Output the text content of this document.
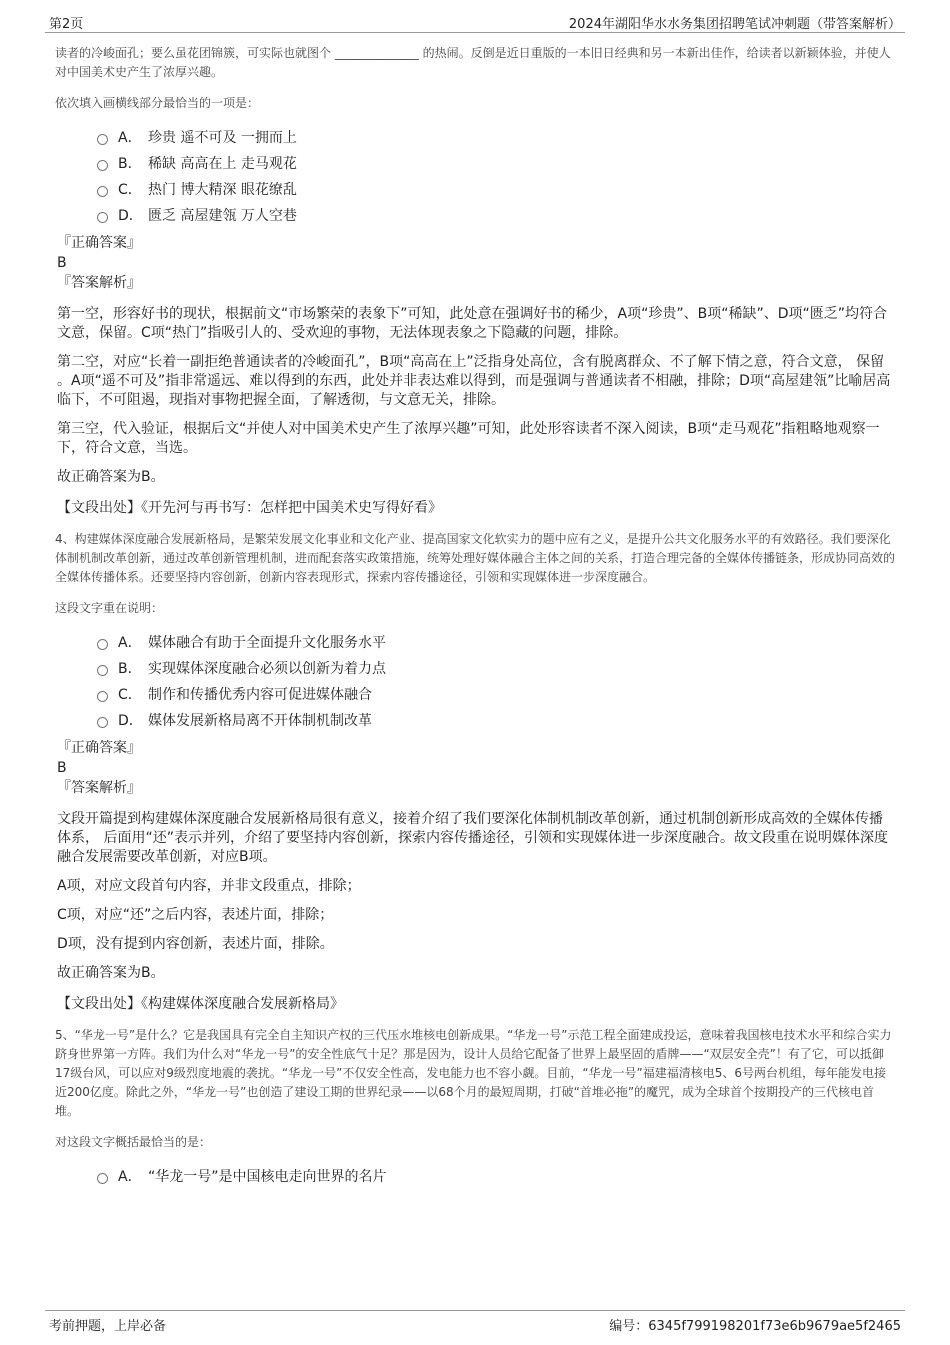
第2页	2024年湖阳华水水务集团招聘笔试冲刺题（带答案解析）

读者的冷峻面孔；要么虽花团锦簇，可实际也就图个 ______________ 的热闹。反倒是近日重版的一本旧日经典和另一本新出佳作，给读者以新颖体验，并使人对中国美术史产生了浓厚兴趣。

依次填入画横线部分最恰当的一项是：

A． 珍贵 遥不可及 一拥而上
B． 稀缺 高高在上 走马观花
C． 热门 博大精深 眼花缭乱
D． 匮乏 高屋建瓴 万人空巷
『正确答案』
B
『答案解析』

第一空，形容好书的现状，根据前文“市场繁荣的表象下”可知，此处意在强调好书的稀少，A项“珍贵”、B项“稀缺”、D项“匮乏”均符合文意，保留。C项“热门”指吸引人的、受欢迎的事物，无法体现表象之下隐藏的问题，排除。

第二空，对应“长着一副拒绝普通读者的冷峻面孔”，B项“高高在上”泛指身处高位，含有脱离群众、不了解下情之意，符合文意， 保留 。A项“遥不可及”指非常遥远、难以得到的东西，此处并非表达难以得到，而是强调与普通读者不相融，排除；D项“高屋建瓴”比喻居高临下，不可阻遏，现指对事物把握全面，了解透彻，与文意无关，排除。

第三空，代入验证，根据后文“并使人对中国美术史产生了浓厚兴趣”可知，此处形容读者不深入阅读，B项“走马观花”指粗略地观察一下，符合文意，当选。

故正确答案为B。

【文段出处】《开先河与再书写：怎样把中国美术史写得好看》

4、构建媒体深度融合发展新格局，是繁荣发展文化事业和文化产业、提高国家文化软实力的题中应有之义，是提升公共文化服务水平的有效路径。我们要深化体制机制改革创新，通过改革创新管理机制，进而配套落实政策措施，统筹处理好媒体融合主体之间的关系，打造合理完备的全媒体传播链条，形成协同高效的全媒体传播体系。还要坚持内容创新，创新内容表现形式，探索内容传播途径，引领和实现媒体进一步深度融合。

这段文字重在说明：

A． 媒体融合有助于全面提升文化服务水平
B． 实现媒体深度融合必须以创新为着力点
C． 制作和传播优秀内容可促进媒体融合
D． 媒体发展新格局离不开体制机制改革
『正确答案』
B
『答案解析』

文段开篇提到构建媒体深度融合发展新格局很有意义，接着介绍了我们要深化体制机制改革创新，通过机制创新形成高效的全媒体传播体系， 后面用“还”表示并列，介绍了要坚持内容创新，探索内容传播途径，引领和实现媒体进一步深度融合。故文段重在说明媒体深度融合发展需要改革创新，对应B项。

A项，对应文段首句内容，并非文段重点，排除；

C项，对应“还”之后内容，表述片面，排除；

D项，没有提到内容创新，表述片面，排除。

故正确答案为B。

【文段出处】《构建媒体深度融合发展新格局》

5、“华龙一号”是什么？它是我国具有完全自主知识产权的三代压水堆核电创新成果。“华龙一号”示范工程全面建成投运，意味着我国核电技术水平和综合实力跻身世界第一方阵。我们为什么对“华龙一号”的安全性底气十足？那是因为，设计人员给它配备了世界上最坚固的盾牌——“双层安全壳”！有了它，可以抵御17级台风，可以应对9级烈度地震的袭扰。“华龙一号”不仅安全性高，发电能力也不容小觑。目前，“华龙一号”福建福清核电5、6号两台机组，每年能发电接近200亿度。除此之外，“华龙一号”也创造了建设工期的世界纪录——以68个月的最短周期，打破“首堆必拖”的魔咒，成为全球首个按期投产的三代核电首堆。

对这段文字概括最恰当的是：

A． “华龙一号”是中国核电走向世界的名片
考前押题，上岸必备	编号：6345f799198201f73e6b9679ae5f2465
